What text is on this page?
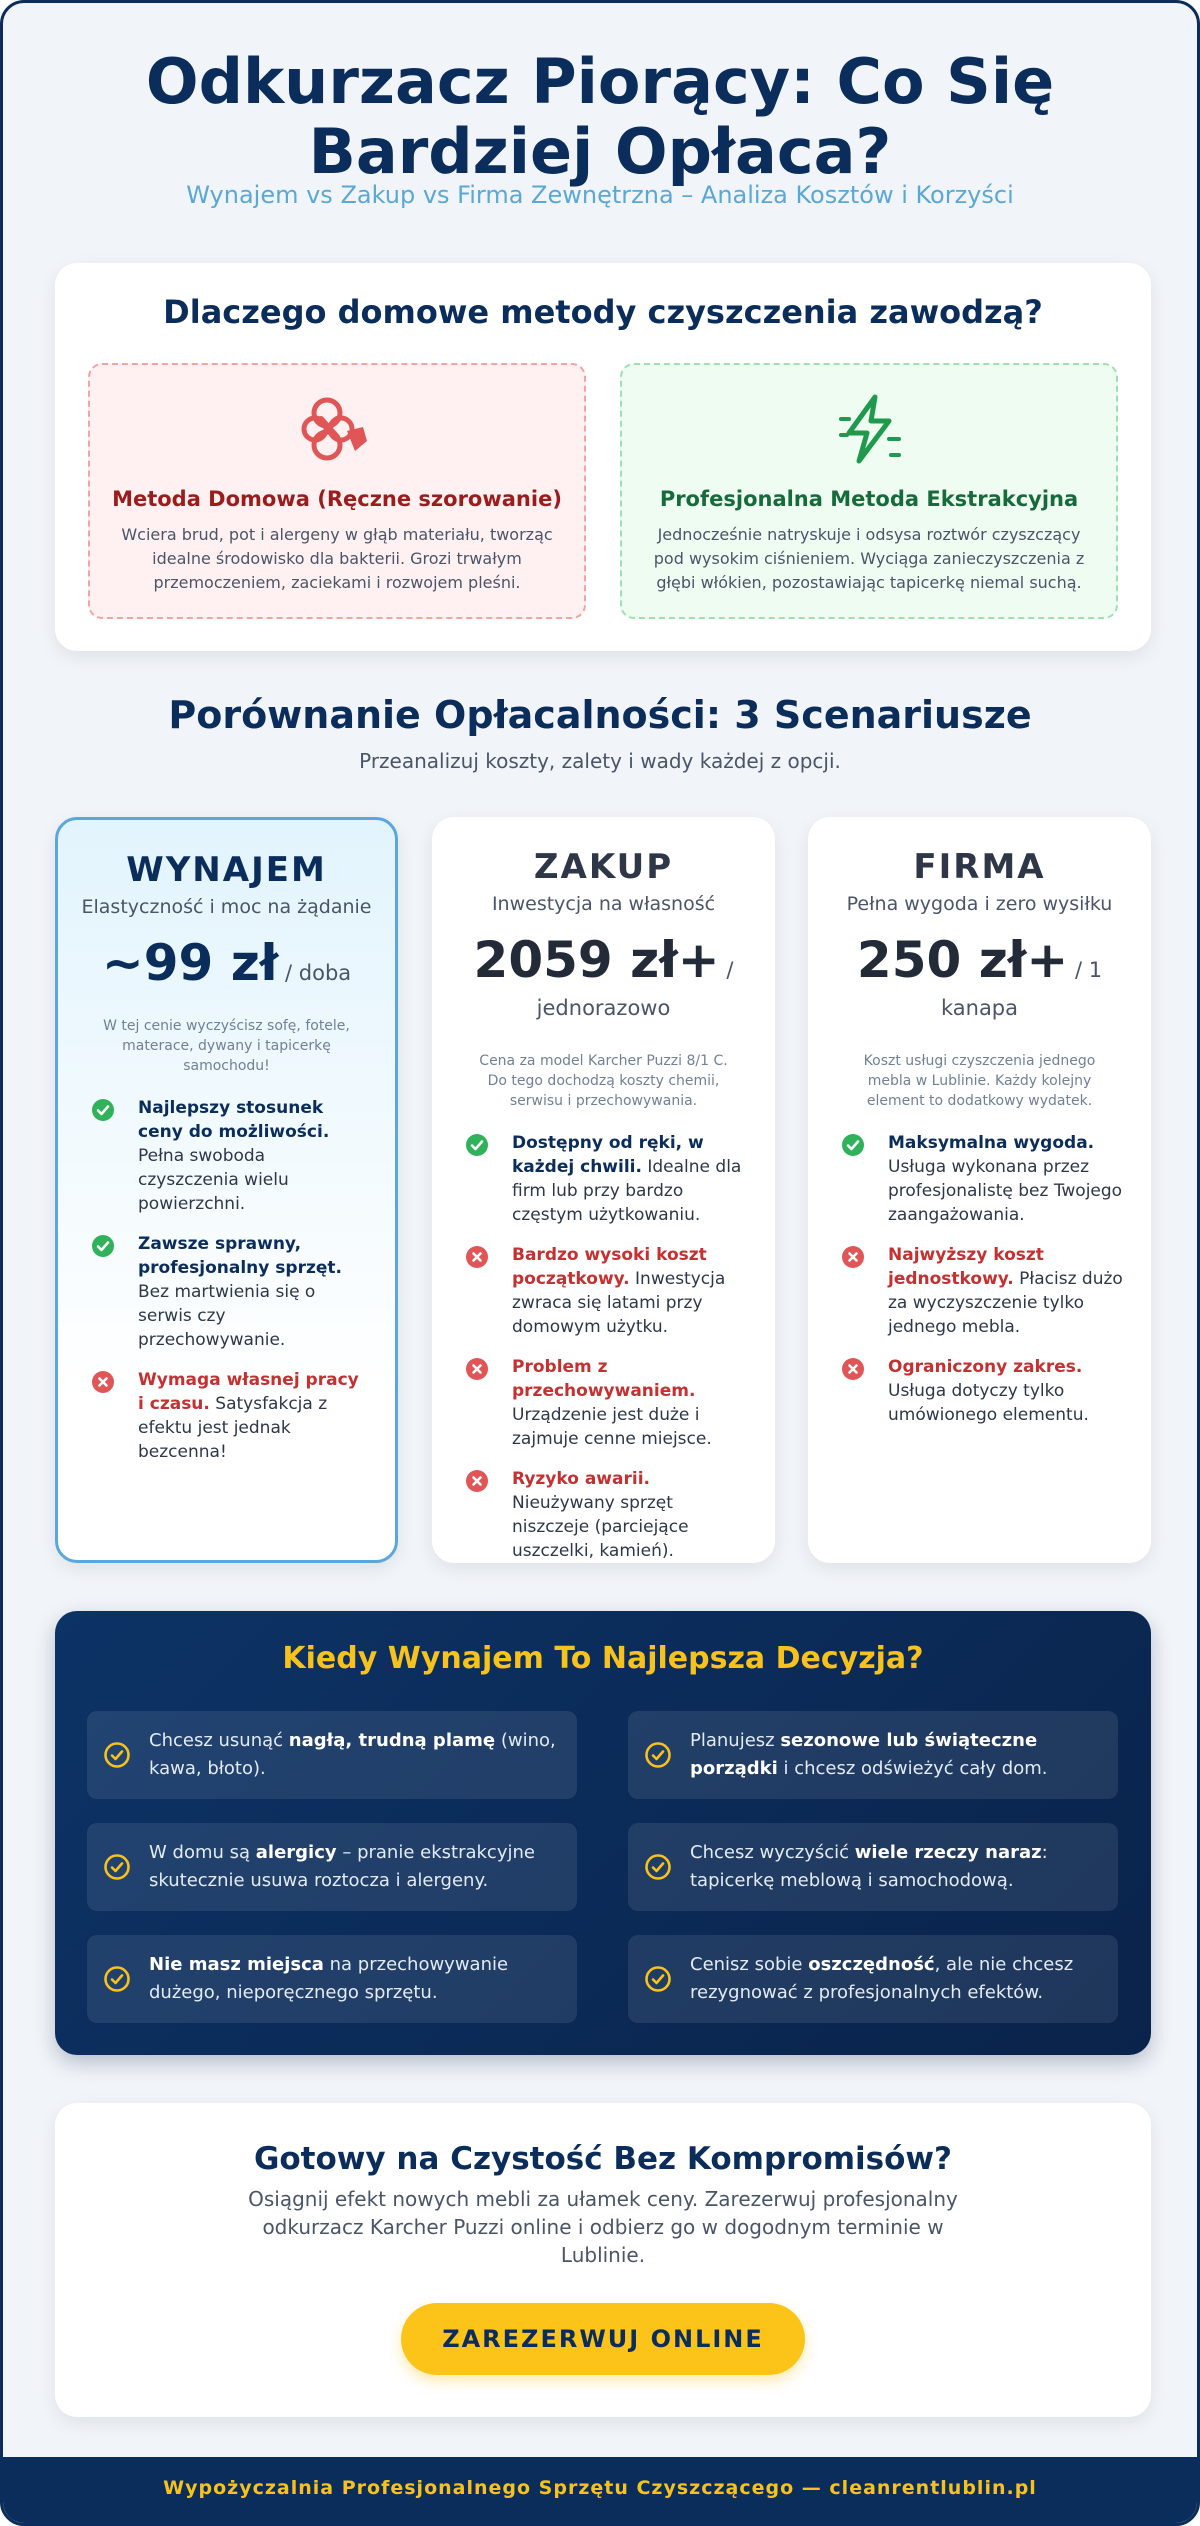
Odkurzacz Piorący: Co Się
Bardziej Opłaca?
Wynajem vs Zakup vs Firma Zewnętrzna – Analiza Kosztów i Korzyści
Dlaczego domowe metody czyszczenia zawodzą?
Metoda Domowa (Ręczne szorowanie)

Wciera brud, pot i alergeny w głąb materiału, tworząc idealne środowisko dla bakterii. Grozi trwałym przemoczeniem, zaciekami i rozwojem pleśni.

Profesjonalna Metoda Ekstrakcyjna

Jednocześnie natryskuje i odsysa roztwór czyszczący pod wysokim ciśnieniem. Wyciąga zanieczyszczenia z głębi włókien, pozostawiając tapicerkę niemal suchą.

Porównanie Opłacalności: 3 Scenariusze
Przeanalizuj koszty, zalety i wady każdej z opcji.
WYNAJEM
Elastyczność i moc na żądanie
~99 zł / doba
W tej cenie wyczyścisz sofę, fotele, materace, dywany i tapicerkę samochodu!
Najlepszy stosunek ceny do możliwości. Pełna swoboda czyszczenia wielu powierzchni.
Zawsze sprawny, profesjonalny sprzęt. Bez martwienia się o serwis czy przechowywanie.
Wymaga własnej pracy i czasu. Satysfakcja z efektu jest jednak bezcenna!
ZAKUP
Inwestycja na własność
2059 zł+ / jednorazowo
Cena za model Karcher Puzzi 8/1 C. Do tego dochodzą koszty chemii, serwisu i przechowywania.
Dostępny od ręki, w każdej chwili. Idealne dla firm lub przy bardzo częstym użytkowaniu.
Bardzo wysoki koszt początkowy. Inwestycja zwraca się latami przy domowym użytku.
Problem z przechowywaniem. Urządzenie jest duże i zajmuje cenne miejsce.
Ryzyko awarii. Nieużywany sprzęt niszczeje (parciejące uszczelki, kamień).
FIRMA
Pełna wygoda i zero wysiłku
250 zł+ / 1 kanapa
Koszt usługi czyszczenia jednego mebla w Lublinie. Każdy kolejny element to dodatkowy wydatek.
Maksymalna wygoda. Usługa wykonana przez profesjonalistę bez Twojego zaangażowania.
Najwyższy koszt jednostkowy. Płacisz dużo za wyczyszczenie tylko jednego mebla.
Ograniczony zakres. Usługa dotyczy tylko umówionego elementu.
Kiedy Wynajem To Najlepsza Decyzja?
Chcesz usunąć nagłą, trudną plamę (wino, kawa, błoto).
Planujesz sezonowe lub świąteczne porządki i chcesz odświeżyć cały dom.
W domu są alergicy – pranie ekstrakcyjne skutecznie usuwa roztocza i alergeny.
Chcesz wyczyścić wiele rzeczy naraz: tapicerkę meblową i samochodową.
Nie masz miejsca na przechowywanie dużego, nieporęcznego sprzętu.
Cenisz sobie oszczędność, ale nie chcesz rezygnować z profesjonalnych efektów.
Gotowy na Czystość Bez Kompromisów?

Osiągnij efekt nowych mebli za ułamek ceny. Zarezerwuj profesjonalny odkurzacz Karcher Puzzi online i odbierz go w dogodnym terminie w Lublinie.

ZAREZERWUJ ONLINE
Wypożyczalnia Profesjonalnego Sprzętu Czyszczącego — cleanrentlublin.pl
